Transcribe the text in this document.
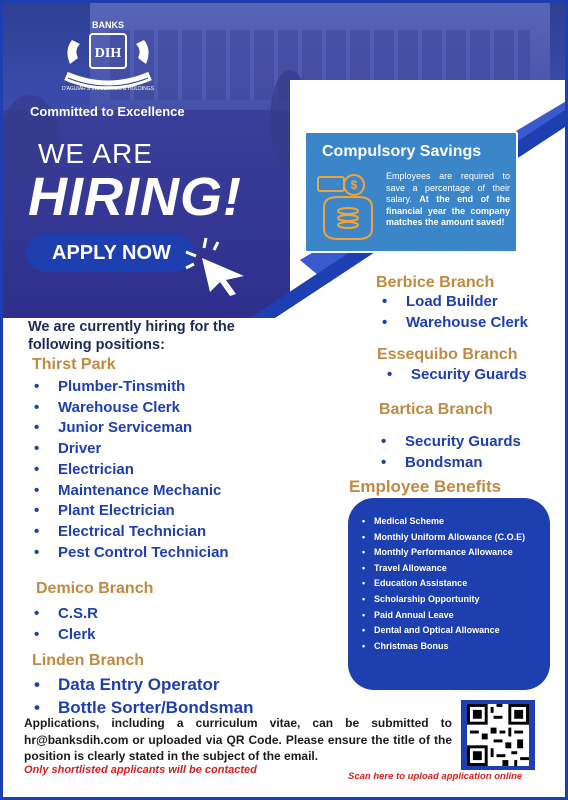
BANKS
DIH
D'AGUIAR'S INDUSTRIES & HOLDINGS
Committed to Excellence
WE ARE
HIRING!
APPLY NOW
Employee Benefits
Compulsory Savings
$
Employees are required to save a percentage of their salary. At the end of the financial year the company matches the amount saved!
We are currently hiring for the following positions:
Thirst Park
• Plumber-Tinsmith
• Warehouse Clerk
• Junior Serviceman
• Driver
• Electrician
• Maintenance Mechanic
• Plant Electrician
• Electrical Technician
• Pest Control Technician
Demico Branch
• C.S.R
• Clerk
Linden Branch
• Data Entry Operator
• Bottle Sorter/Bondsman
Berbice Branch
• Load Builder
• Warehouse Clerk
Essequibo Branch
• Security Guards
Bartica Branch
• Security Guards
• Bondsman
Employee Benefits
• Medical Scheme
• Monthly Uniform Allowance (C.O.E)
• Monthly Performance Allowance
• Travel Allowance
• Education Assistance
• Scholarship Opportunity
• Paid Annual Leave
• Dental and Optical Allowance
• Christmas Bonus
Applications, including a curriculum vitae, can be submitted to hr@banksdih.com or uploaded via QR Code. Please ensure the title of the position is clearly stated in the subject of the email.
Only shortlisted applicants will be contacted
Scan here to upload application online
